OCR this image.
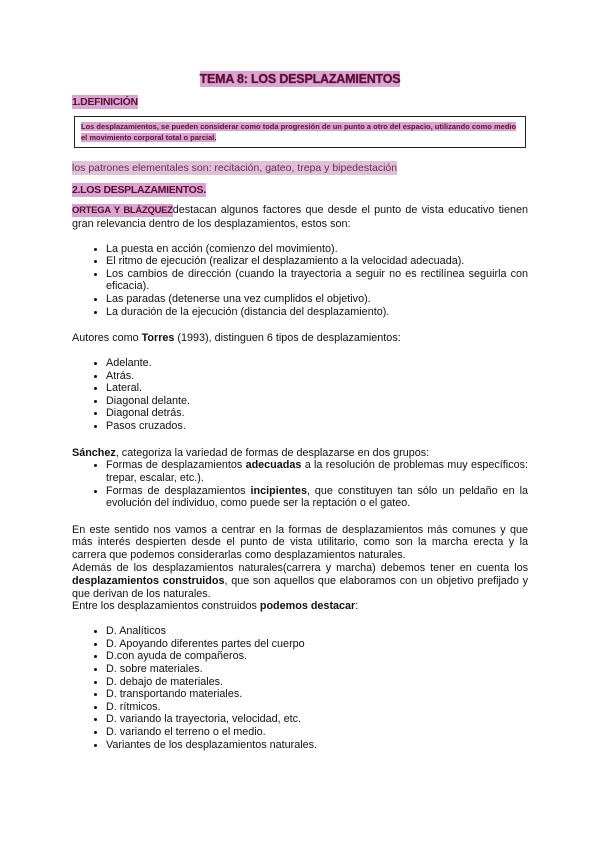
TEMA 8: LOS DESPLAZAMIENTOS
1.DEFINICIÓN
Los desplazamientos, se pueden considerar como toda progresión de un punto a otro del espacio, utilizando como medio el movimiento corporal total o parcial.
los patrones elementales son: recitación, gateo, trepa y bipedestación
2.LOS DESPLAZAMIENTOS.

ORTEGA Y BLÁZQUEZdestacan algunos factores que desde el punto de vista educativo tienen gran relevancia dentro de los desplazamientos, estos son:

• La puesta en acción (comienzo del movimiento).
• El ritmo de ejecución (realizar el desplazamiento a la velocidad adecuada).
• Los cambios de dirección (cuando la trayectoria a seguir no es rectilínea seguirla con eficacia).
• Las paradas (detenerse una vez cumplidos el objetivo).
• La duración de la ejecución (distancia del desplazamiento).

Autores como Torres (1993), distinguen 6 tipos de desplazamientos:

• Adelante.
• Atrás.
• Lateral.
• Diagonal delante.
• Diagonal detrás.
• Pasos cruzados.

Sánchez, categoriza la variedad de formas de desplazarse en dos grupos:

• Formas de desplazamientos adecuadas a la resolución de problemas muy específicos: trepar, escalar, etc.).
• Formas de desplazamientos incipientes, que constituyen tan sólo un peldaño en la evolución del individuo, como puede ser la reptación o el gateo.

En este sentido nos vamos a centrar en la formas de desplazamientos más comunes y que más interés despierten desde el punto de vista utilitario, como son la marcha erecta y la carrera que podemos considerarlas como desplazamientos naturales.

Además de los desplazamientos naturales(carrera y marcha) debemos tener en cuenta los desplazamientos construidos, que son aquellos que elaboramos con un objetivo prefijado y que derivan de los naturales.

Entre los desplazamientos construidos podemos destacar:

• D. Analíticos
• D. Apoyando diferentes partes del cuerpo
• D.con ayuda de compañeros.
• D. sobre materiales.
• D. debajo de materiales.
• D. transportando materiales.
• D. rítmicos.
• D. variando la trayectoria, velocidad, etc.
• D. variando el terreno o el medio.
• Variantes de los desplazamientos naturales.
